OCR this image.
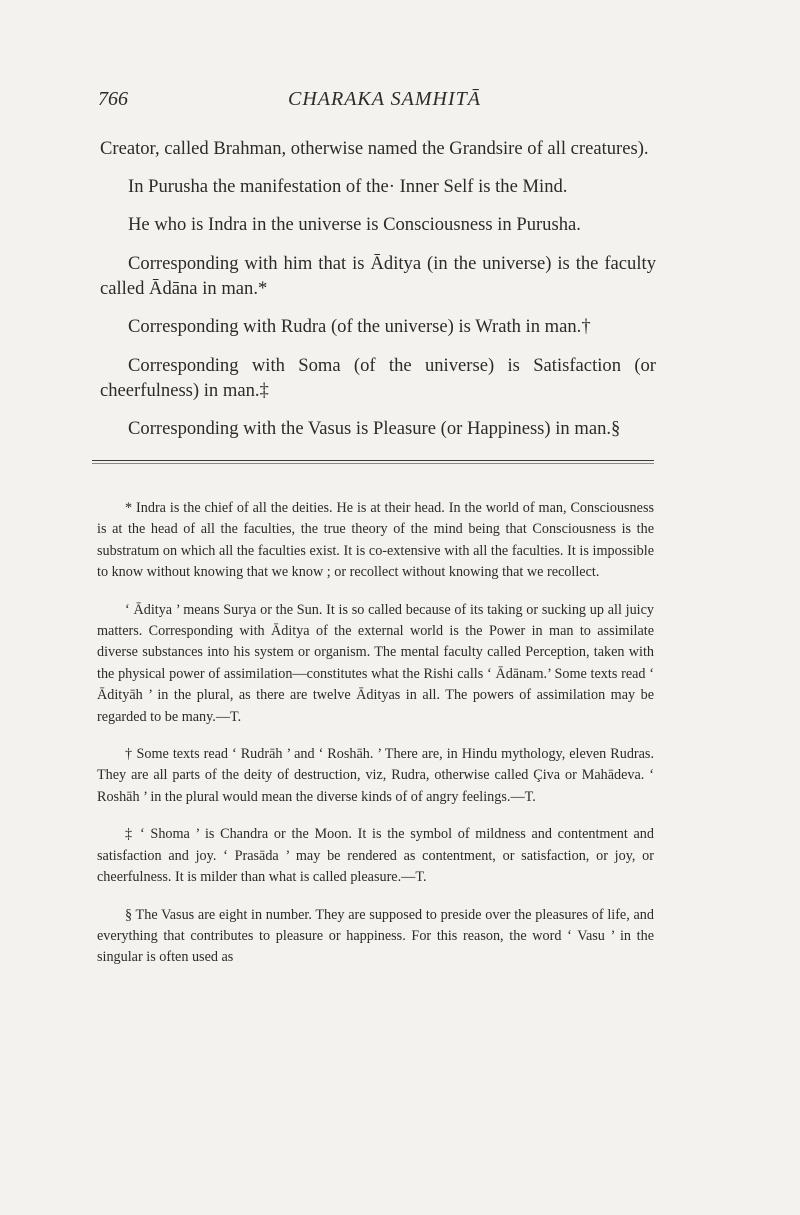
766	CHARAKA SAMHITĀ

Creator, called Brahman, otherwise named the Grandsire of all creatures).

In Purusha the manifestation of the· Inner Self is the Mind.

He who is Indra in the universe is Consciousness in Purusha.

Corresponding with him that is Āditya (in the universe) is the faculty called Ādāna in man.*

Corresponding with Rudra (of the universe) is Wrath in man.†

Corresponding with Soma (of the universe) is Satisfaction (or cheerfulness) in man.‡

Corresponding with the Vasus is Pleasure (or Happiness) in man.§

* Indra is the chief of all the deities. He is at their head. In the world of man, Consciousness is at the head of all the faculties, the true theory of the mind being that Consciousness is the substratum on which all the faculties exist. It is co-extensive with all the faculties. It is impossible to know without knowing that we know ; or recollect without knowing that we recollect.

‘ Āditya ’ means Surya or the Sun. It is so called because of its taking or sucking up all juicy matters. Corresponding with Āditya of the external world is the Power in man to assimilate diverse substances into his system or organism. The mental faculty called Perception, taken with the physical power of assimilation—constitutes what the Rishi calls ‘ Ādānam.’ Some texts read ‘ Ādityāh ’ in the plural, as there are twelve Ādityas in all. The powers of assimilation may be regarded to be many.—T.

† Some texts read ‘ Rudrāh ’ and ‘ Roshāh. ’ There are, in Hindu mythology, eleven Rudras. They are all parts of the deity of destruction, viz, Rudra, otherwise called Çiva or Mahādeva. ‘ Roshāh ’ in the plural would mean the diverse kinds of of angry feelings.—T.

‡ ‘ Shoma ’ is Chandra or the Moon. It is the symbol of mildness and contentment and satisfaction and joy. ‘ Prasāda ’ may be rendered as contentment, or satisfaction, or joy, or cheerfulness. It is milder than what is called pleasure.—T.

§ The Vasus are eight in number. They are supposed to preside over the pleasures of life, and everything that contributes to pleasure or happiness. For this reason, the word ‘ Vasu ’ in the singular is often used as
